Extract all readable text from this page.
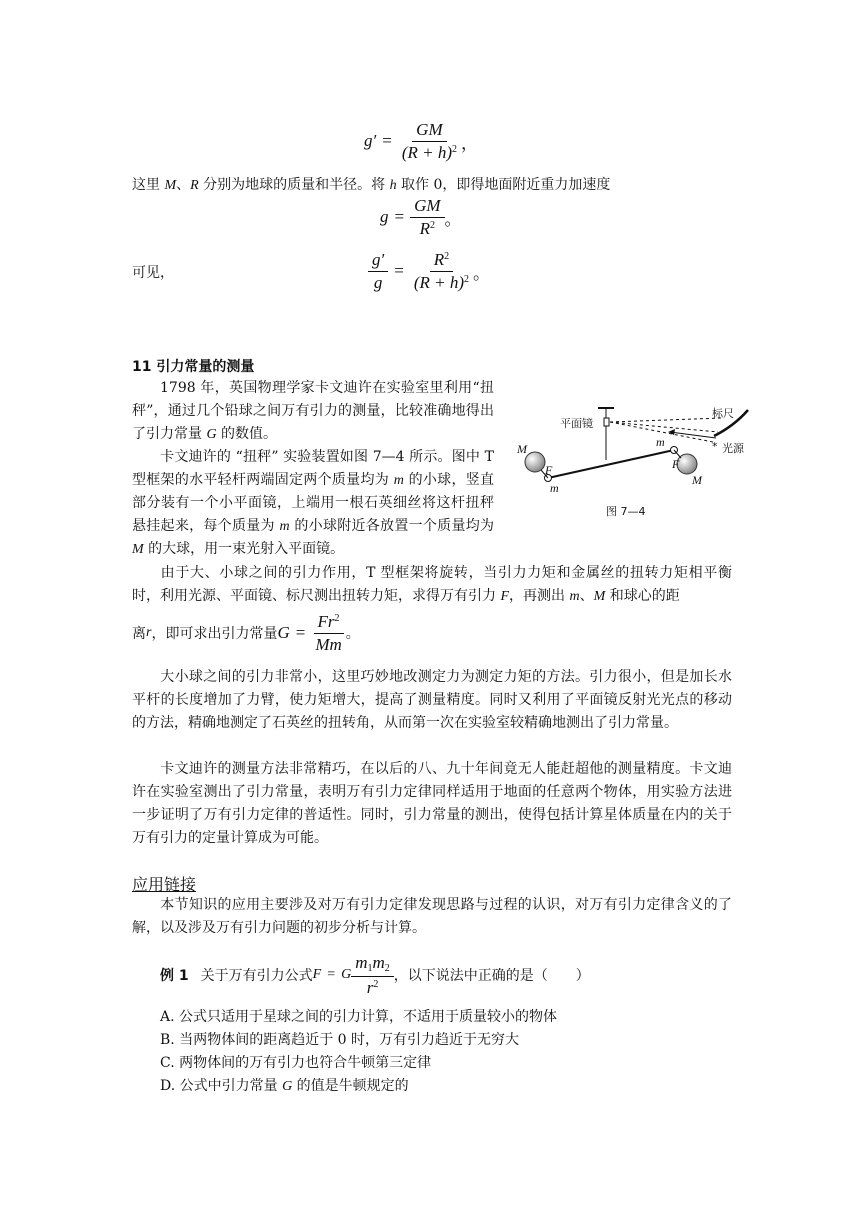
$g' = \frac{GM}{(R + h)^2}$ ，
这里 M、R 分别为地球的质量和半径。将 h 取作 0，即得地面附近重力加速度
$g = \frac{GM}{R^2}$ 。
可见，	$\frac{g'}{g} = \frac{R^2}{(R + h)^2}$ 。
11 引力常量的测量
1798 年，英国物理学家卡文迪许在实验室里利用“扭秤”，通过几个铅球之间万有引力的测量，比较准确地得出了引力常量 G 的数值。
卡文迪许的 “扭秤” 实验装置如图 7—4 所示。图中 T 型框架的水平轻杆两端固定两个质量均为 m 的小球，竖直部分装有一个小平面镜，上端用一根石英细丝将这杆扭秤悬挂起来，每个质量为 m 的小球附近各放置一个质量均为 M 的大球，用一束光射入平面镜。
平面镜
标尺
* 光源
M
F
m
m
F
M
图 7—4
由于大、小球之间的引力作用，T 型框架将旋转，当引力力矩和金属丝的扭转力矩相平衡时，利用光源、平面镜、标尺测出扭转力矩，求得万有引力 F，再测出 m、M 和球心的距
离 r ，即可求出引力常量 $G = \frac{Fr^2}{Mm}$ 。
大小球之间的引力非常小，这里巧妙地改测定力为测定力矩的方法。引力很小，但是加长水平杆的长度增加了力臂，使力矩增大，提高了测量精度。同时又利用了平面镜反射光光点的移动的方法，精确地测定了石英丝的扭转角，从而第一次在实验室较精确地测出了引力常量。
卡文迪许的测量方法非常精巧，在以后的八、九十年间竟无人能赶超他的测量精度。卡文迪许在实验室测出了引力常量，表明万有引力定律同样适用于地面的任意两个物体，用实验方法进一步证明了万有引力定律的普适性。同时，引力常量的测出，使得包括计算星体质量在内的关于万有引力的定量计算成为可能。
应用链接
本节知识的应用主要涉及对万有引力定律发现思路与过程的认识，对万有引力定律含义的了解，以及涉及万有引力问题的初步分析与计算。
例 1 关于万有引力公式 F = G $\frac{m_1m_2}{r^2}$ ，以下说法中正确的是（　　）
A. 公式只适用于星球之间的引力计算，不适用于质量较小的物体
B. 当两物体间的距离趋近于 0 时，万有引力趋近于无穷大
C. 两物体间的万有引力也符合牛顿第三定律
D. 公式中引力常量 G 的值是牛顿规定的
